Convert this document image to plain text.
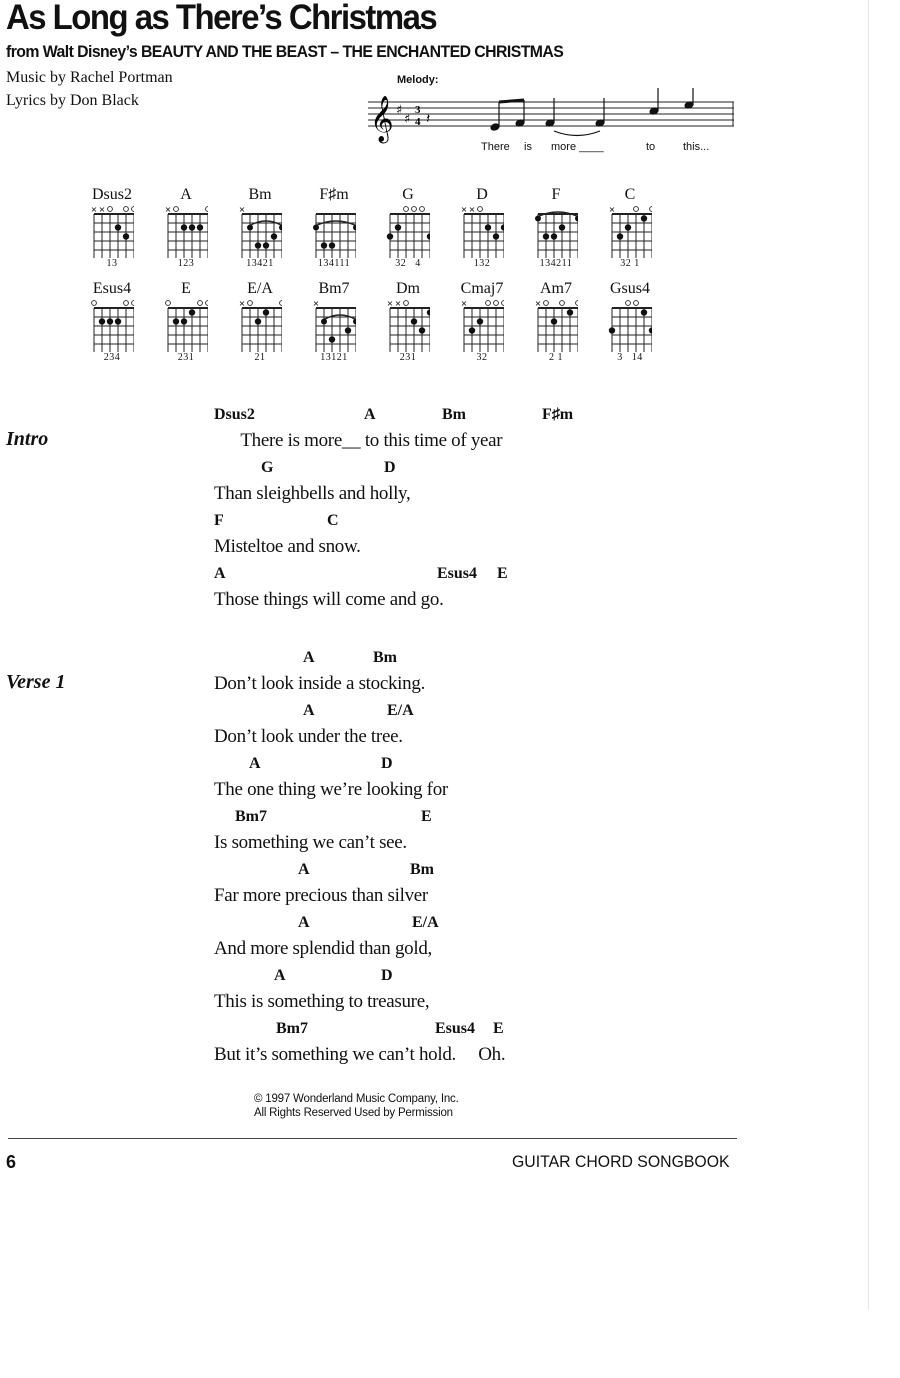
As Long as There’s Christmas
from Walt Disney’s BEAUTY AND THE BEAST – THE ENCHANTED CHRISTMAS
Music by Rachel Portman
Lyrics by Don Black
Melody:
𝄞 ♯
♯
3
4 𝄽
There is more ____	to	this...
Dsus2
× ×
13
A
×
123
Bm
×
13421
F♯m
134111
G
32   4
D
× ×
132
F
134211
C
×
32 1
Esus4
234
E
231
E/A
×
21
Bm7
×
13121
Dm
× ×
231
Cmaj7
×
32
Am7
×
2 1
Gsus4
3   14
Intro
Verse 1
Dsus2	A	Bm	F♯m
There is more__ to this time of year
G	D
Than sleighbells and holly,
F	C
Misteltoe and snow.
A	Esus4 E
Those things will come and go.
A	Bm
Don’t look inside a stocking.
A	E/A
Don’t look under the tree.
A	D
The one thing we’re looking for
Bm7	E
Is something we can’t see.
A	Bm
Far more precious than silver
A	E/A
And more splendid than gold,
A	D
This is something to treasure,
Bm7	Esus4 E
But it’s something we can’t hold.     Oh.
© 1997 Wonderland Music Company, Inc.
All Rights Reserved Used by Permission
6	GUITAR CHORD SONGBOOK
